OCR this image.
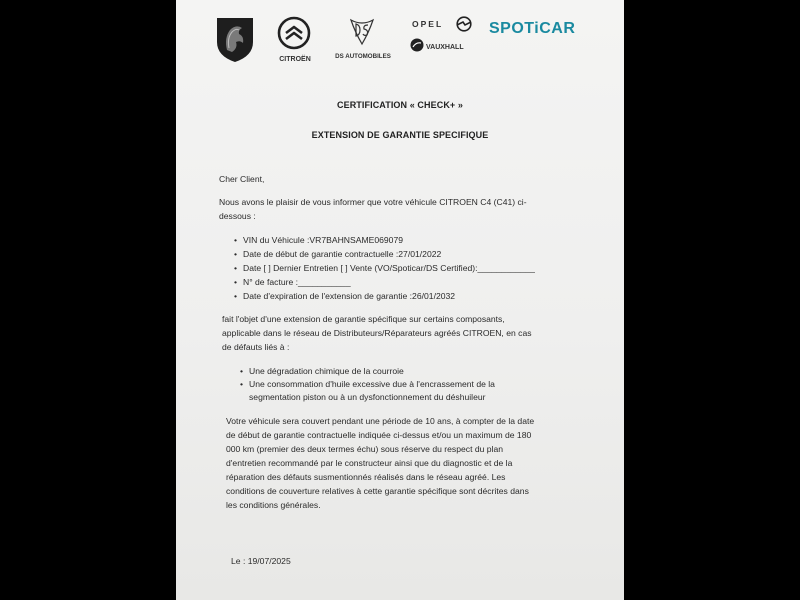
CITROËN	DS AUTOMOBILES
OPEL
VAUXHALL
SPOTiCAR
CERTIFICATION « CHECK+ »
EXTENSION DE GARANTIE SPECIFIQUE
Cher Client,
Nous avons le plaisir de vous informer que votre véhicule CITROEN C4 (C41) ci-
dessous :
• VIN du Véhicule :VR7BAHNSAME069079
• Date de début de garantie contractuelle :27/01/2022
• Date [ ] Dernier Entretien [ ] Vente (VO/Spoticar/DS Certified):____________
• N° de facture :___________
• Date d'expiration de l'extension de garantie :26/01/2032
fait l'objet d'une extension de garantie spécifique sur certains composants,
applicable dans le réseau de Distributeurs/Réparateurs agréés CITROEN, en cas
de défauts liés à :
• Une dégradation chimique de la courroie
• Une consommation d'huile excessive due à l'encrassement de la
segmentation piston ou à un dysfonctionnement du déshuileur
Votre véhicule sera couvert pendant une période de 10 ans, à compter de la date
de début de garantie contractuelle indiquée ci-dessus et/ou un maximum de 180
000 km (premier des deux termes échu) sous réserve du respect du plan
d'entretien recommandé par le constructeur ainsi que du diagnostic et de la
réparation des défauts susmentionnés réalisés dans le réseau agréé. Les
conditions de couverture relatives à cette garantie spécifique sont décrites dans
les conditions générales.
Le : 19/07/2025
